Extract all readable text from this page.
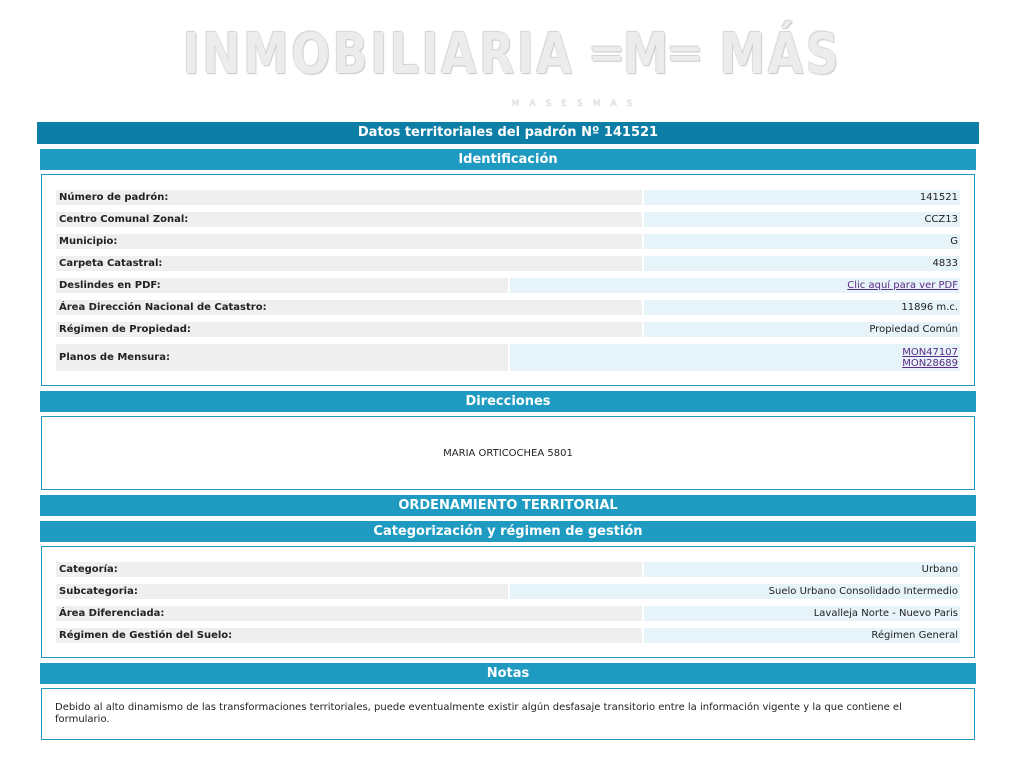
INMOBILIARIA ═M═ MÁS
MASESMAS
Datos territoriales del padrón Nº 141521
Identificación
Número de padrón:	141521
Centro Comunal Zonal:	CCZ13
Municipio:	G
Carpeta Catastral:	4833
Deslindes en PDF:	Clic aquí para ver PDF
Área Dirección Nacional de Catastro:	11896 m.c.
Régimen de Propiedad:	Propiedad Común
Planos de Mensura:	MON47107
MON28689
Direcciones
MARIA ORTICOCHEA 5801
ORDENAMIENTO TERRITORIAL
Categorización y régimen de gestión
Categoría:	Urbano
Subcategoria:	Suelo Urbano Consolidado Intermedio
Área Diferenciada:	Lavalleja Norte - Nuevo Paris
Régimen de Gestión del Suelo:	Régimen General
Notas
Debido al alto dinamismo de las transformaciones territoriales, puede eventualmente existir algún desfasaje transitorio entre la información vigente y la que contiene el formulario.
